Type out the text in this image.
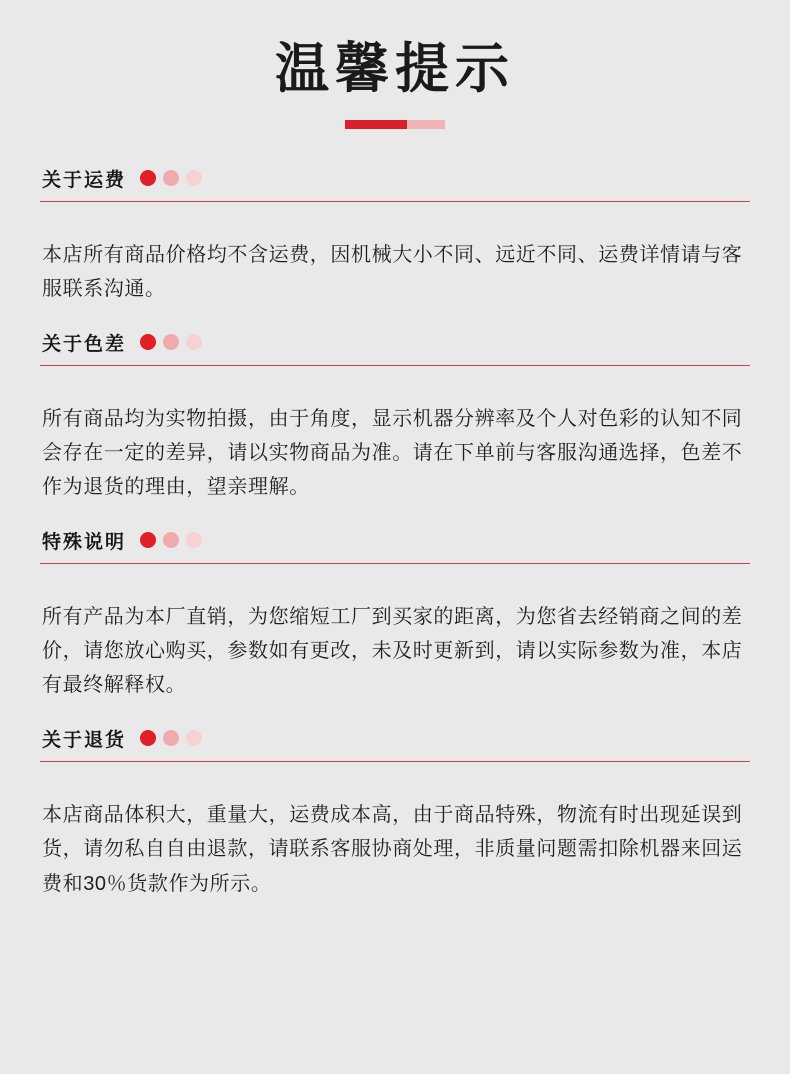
温馨提示
关于运费

本店所有商品价格均不含运费，因机械大小不同、远近不同、运费详情请与客服联系沟通。

关于色差

所有商品均为实物拍摄，由于角度，显示机器分辨率及个人对色彩的认知不同会存在一定的差异，请以实物商品为准。请在下单前与客服沟通选择，色差不作为退货的理由，望亲理解。

特殊说明

所有产品为本厂直销，为您缩短工厂到买家的距离，为您省去经销商之间的差价，请您放心购买，参数如有更改，未及时更新到，请以实际参数为准，本店有最终解释权。

关于退货

本店商品体积大，重量大，运费成本高，由于商品特殊，物流有时出现延误到货，请勿私自自由退款，请联系客服协商处理，非质量问题需扣除机器来回运费和30％货款作为所示。
